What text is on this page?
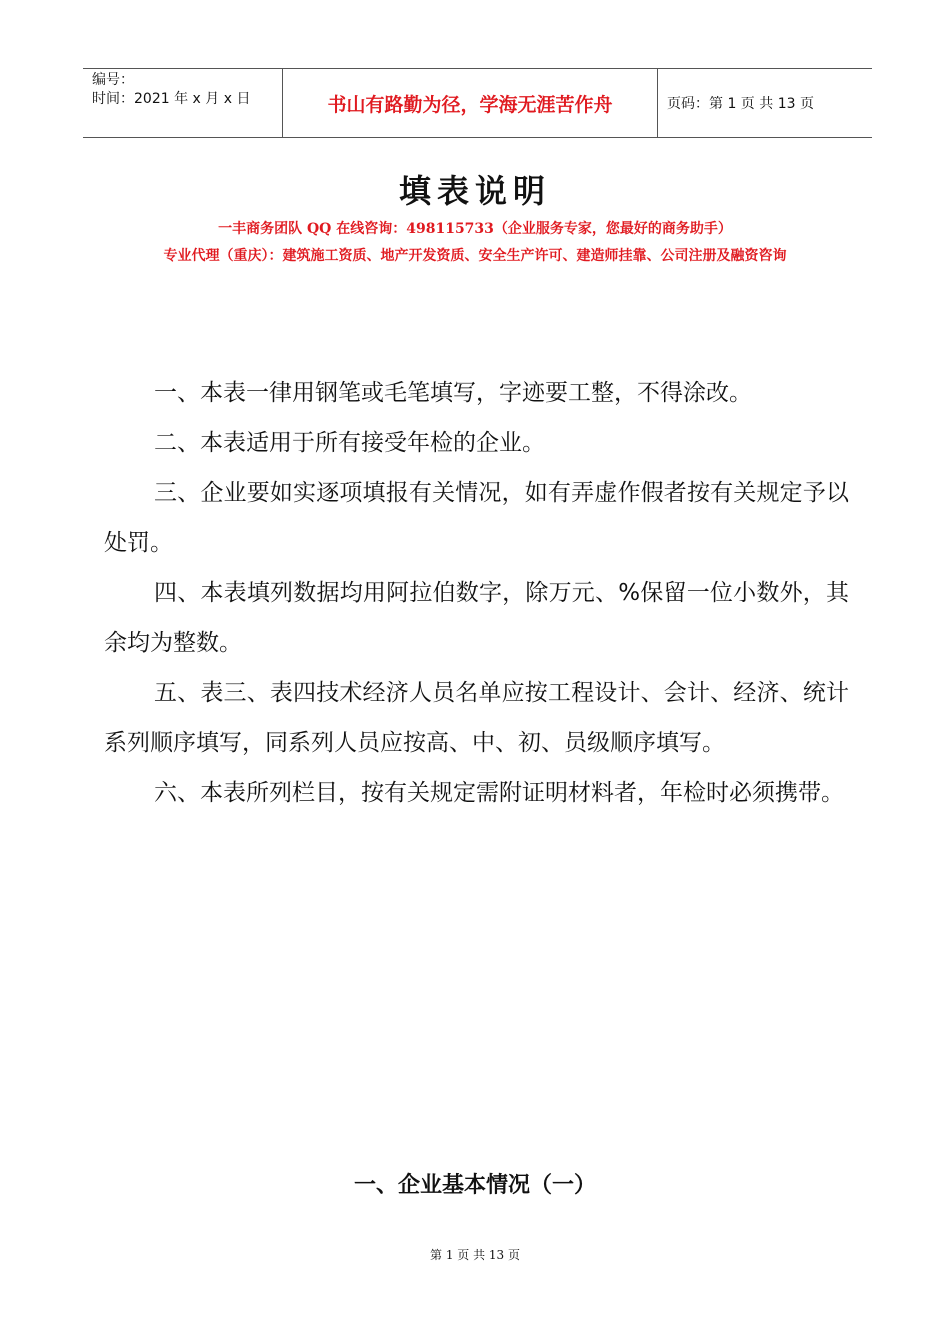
编号：
时间：2021 年 x 月 x 日	书山有路勤为径，学海无涯苦作舟	页码：第 1 页 共 13 页
填表说明
一丰商务团队 QQ 在线咨询：498115733（企业服务专家，您最好的商务助手）
专业代理（重庆）：建筑施工资质、地产开发资质、安全生产许可、建造师挂靠、公司注册及融资咨询

一、本表一律用钢笔或毛笔填写，字迹要工整，不得涂改。

二、本表适用于所有接受年检的企业。

三、企业要如实逐项填报有关情况，如有弄虚作假者按有关规定予以处罚。

四、本表填列数据均用阿拉伯数字，除万元、%保留一位小数外，其余均为整数。

五、表三、表四技术经济人员名单应按工程设计、会计、经济、统计系列顺序填写，同系列人员应按高、中、初、员级顺序填写。

六、本表所列栏目，按有关规定需附证明材料者，年检时必须携带。

一、企业基本情况（一）
第 1 页 共 13 页
